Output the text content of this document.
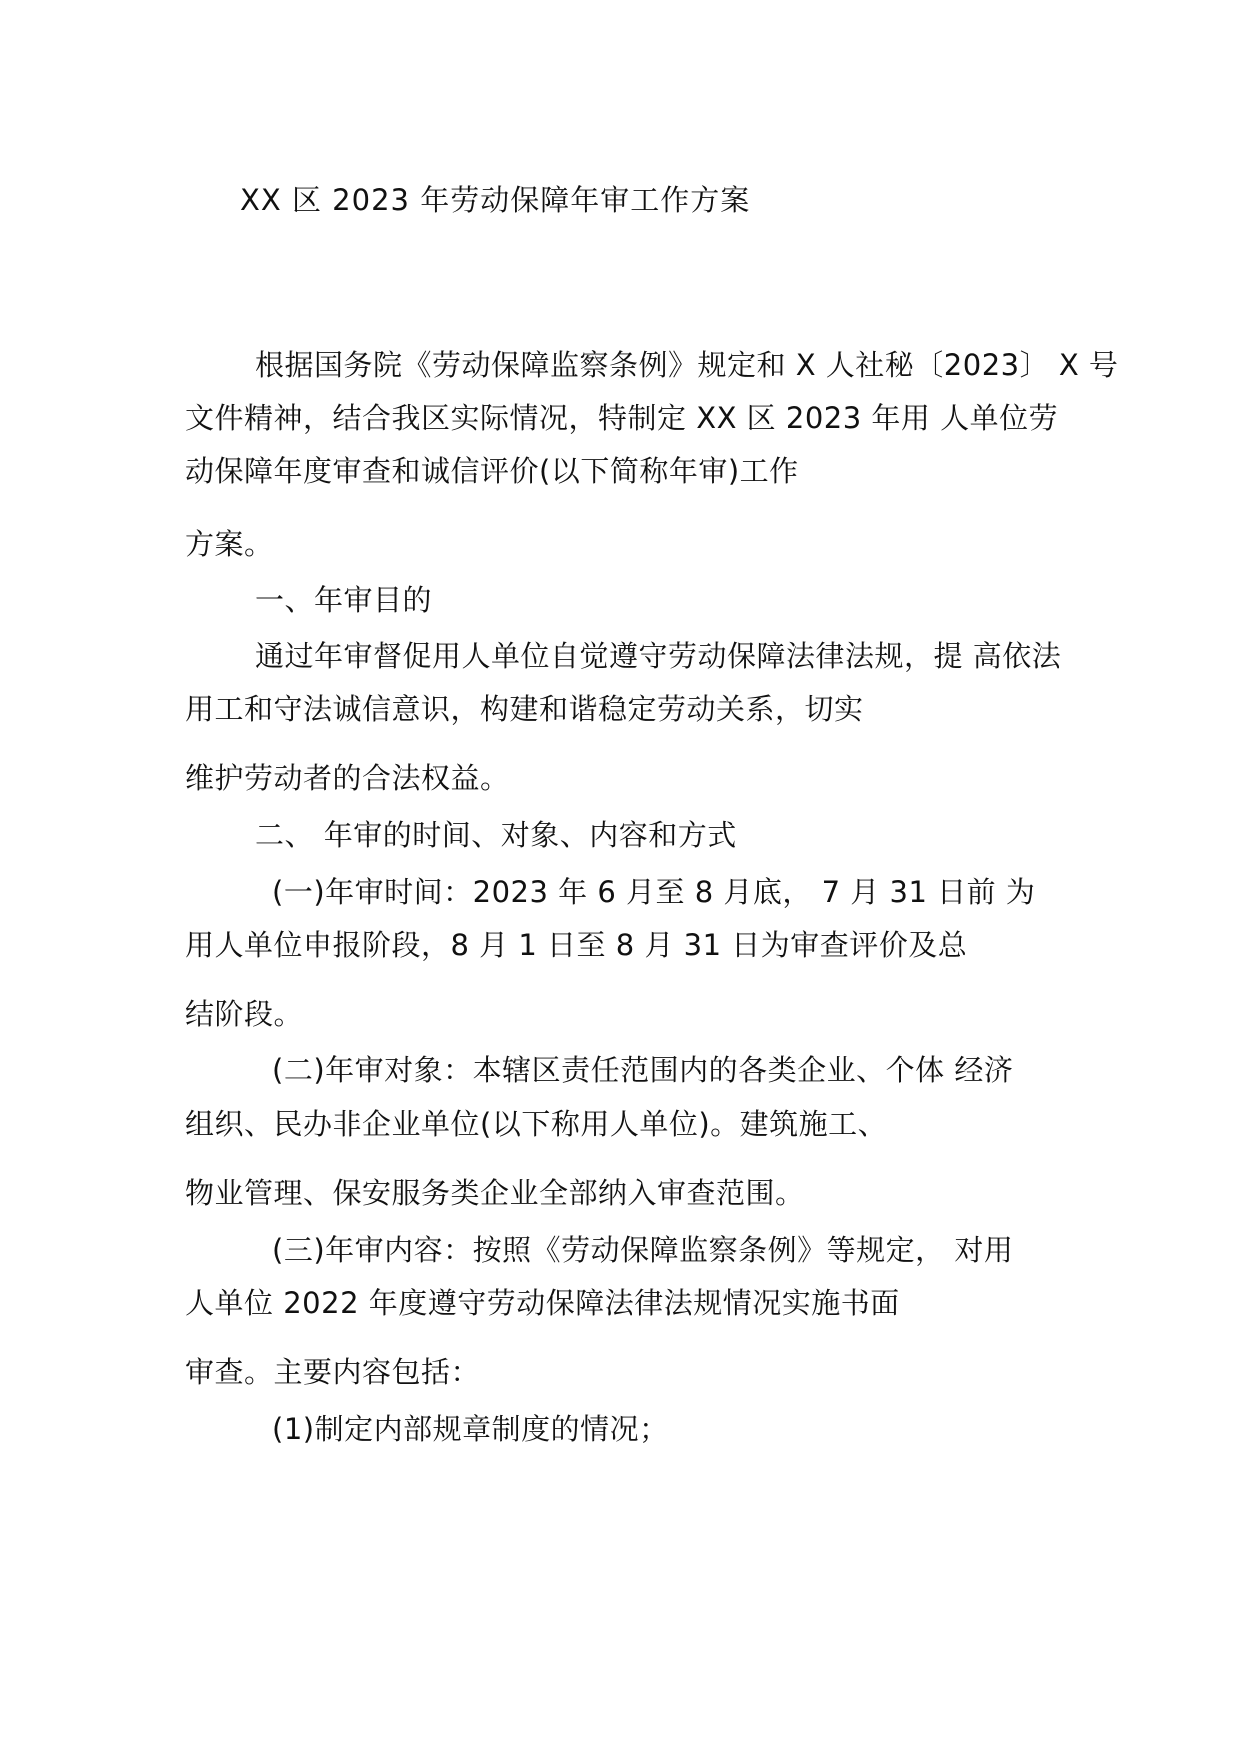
XX 区 2023 年劳动保障年审工作方案
根据国务院《劳动保障监察条例》规定和 X 人社秘〔2023〕 X 号
文件精神，结合我区实际情况，特制定 XX 区 2023 年用 人单位劳
动保障年度审查和诚信评价(以下简称年审)工作
方案。
一、年审目的
通过年审督促用人单位自觉遵守劳动保障法律法规，提 高依法
用工和守法诚信意识，构建和谐稳定劳动关系，切实
维护劳动者的合法权益。
二、 年审的时间、对象、内容和方式
(一)年审时间：2023 年 6 月至 8 月底， 7 月 31 日前 为
用人单位申报阶段，8 月 1 日至 8 月 31 日为审查评价及总
结阶段。
(二)年审对象：本辖区责任范围内的各类企业、个体 经济
组织、民办非企业单位(以下称用人单位)。建筑施工、
物业管理、保安服务类企业全部纳入审查范围。
(三)年审内容：按照《劳动保障监察条例》等规定， 对用
人单位 2022 年度遵守劳动保障法律法规情况实施书面
审查。主要内容包括：
(1)制定内部规章制度的情况；
